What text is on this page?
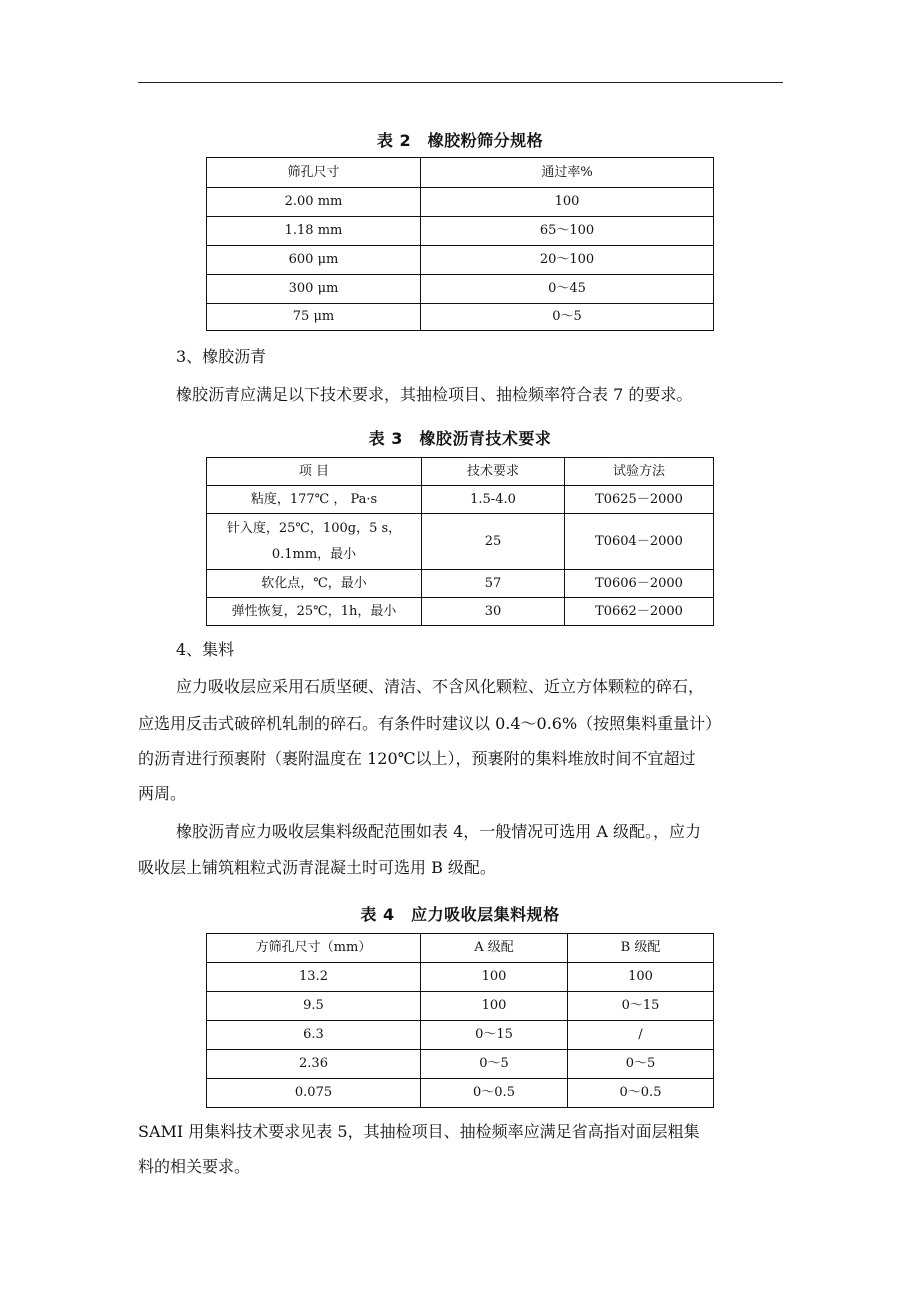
表 2　橡胶粉筛分规格
筛孔尺寸	通过率%
2.00 mm	100
1.18 mm	65～100
600 μm	20～100
300 μm	0～45
75 μm	0～5

3、橡胶沥青

橡胶沥青应满足以下技术要求，其抽检项目、抽检频率符合表 7 的要求。

表 3　橡胶沥青技术要求
项 目	技术要求	试验方法
粘度，177℃ ， Pa·s	1.5-4.0	T0625－2000
针入度，25℃，100g，5 s，0.1mm，最小	25	T0604－2000
软化点，℃，最小	57	T0606－2000
弹性恢复，25℃，1h，最小	30	T0662－2000

4、集料

应力吸收层应采用石质坚硬、清洁、不含风化颗粒、近立方体颗粒的碎石，

应选用反击式破碎机轧制的碎石。有条件时建议以 0.4～0.6%（按照集料重量计）

的沥青进行预裹附（裹附温度在 120℃以上），预裹附的集料堆放时间不宜超过

两周。

橡胶沥青应力吸收层集料级配范围如表 4，一般情况可选用 A 级配。，应力

吸收层上铺筑粗粒式沥青混凝土时可选用 B 级配。

表 4　应力吸收层集料规格
方筛孔尺寸（mm）	A 级配	B 级配
13.2	100	100
9.5	100	0～15
6.3	0～15	/
2.36	0～5	0～5
0.075	0～0.5	0～0.5

SAMI 用集料技术要求见表 5，其抽检项目、抽检频率应满足省高指对面层粗集

料的相关要求。
